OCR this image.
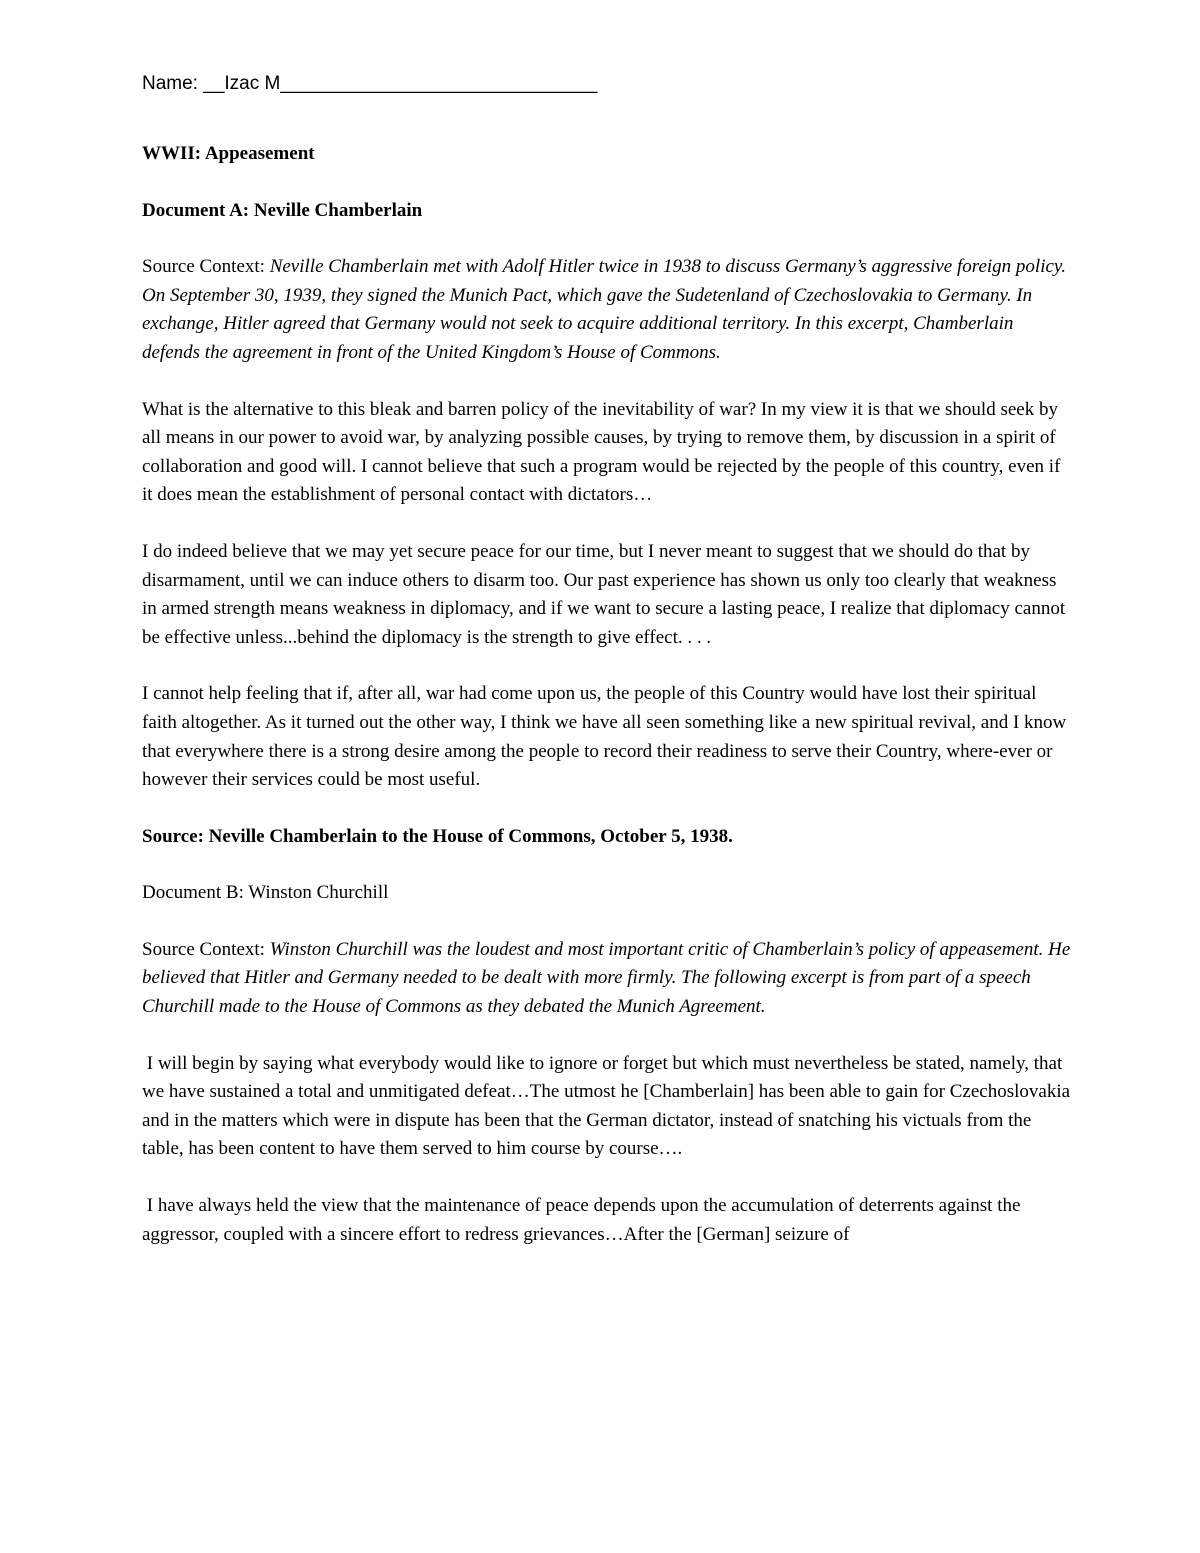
Name: __Izac M______________________________
WWII: Appeasement
Document A: Neville Chamberlain
Source Context: Neville Chamberlain met with Adolf Hitler twice in 1938 to discuss Germany’s aggressive foreign policy. On September 30, 1939, they signed the Munich Pact, which gave the Sudetenland of Czechoslovakia to Germany. In exchange, Hitler agreed that Germany would not seek to acquire additional territory. In this excerpt, Chamberlain defends the agreement in front of the United Kingdom’s House of Commons.
What is the alternative to this bleak and barren policy of the inevitability of war? In my view it is that we should seek by all means in our power to avoid war, by analyzing possible causes, by trying to remove them, by discussion in a spirit of collaboration and good will. I cannot believe that such a program would be rejected by the people of this country, even if it does mean the establishment of personal contact with dictators…
I do indeed believe that we may yet secure peace for our time, but I never meant to suggest that we should do that by disarmament, until we can induce others to disarm too. Our past experience has shown us only too clearly that weakness in armed strength means weakness in diplomacy, and if we want to secure a lasting peace, I realize that diplomacy cannot be effective unless...behind the diplomacy is the strength to give effect. . . .
I cannot help feeling that if, after all, war had come upon us, the people of this Country would have lost their spiritual faith altogether. As it turned out the other way, I think we have all seen something like a new spiritual revival, and I know that everywhere there is a strong desire among the people to record their readiness to serve their Country, where-ever or however their services could be most useful.
Source: Neville Chamberlain to the House of Commons, October 5, 1938.
Document B: Winston Churchill
Source Context: Winston Churchill was the loudest and most important critic of Chamberlain’s policy of appeasement. He believed that Hitler and Germany needed to be dealt with more firmly. The following excerpt is from part of a speech Churchill made to the House of Commons as they debated the Munich Agreement.
I will begin by saying what everybody would like to ignore or forget but which must nevertheless be stated, namely, that we have sustained a total and unmitigated defeat…The utmost he [Chamberlain] has been able to gain for Czechoslovakia and in the matters which were in dispute has been that the German dictator, instead of snatching his victuals from the table, has been content to have them served to him course by course….
I have always held the view that the maintenance of peace depends upon the accumulation of deterrents against the aggressor, coupled with a sincere effort to redress grievances…After the [German] seizure of
